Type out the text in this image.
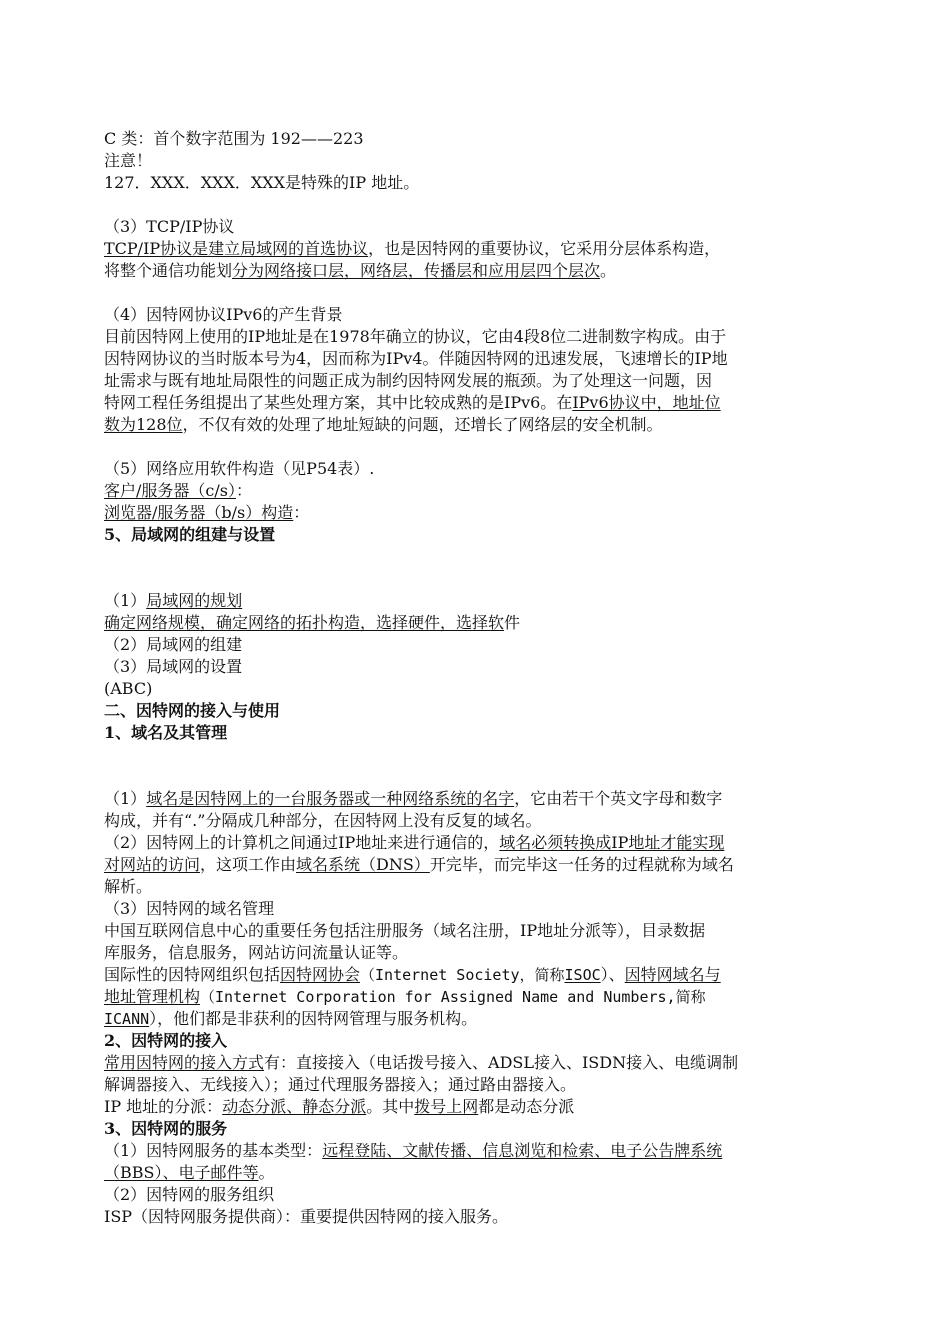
C 类：首个数字范围为 192——223
注意！
127．XXX．XXX．XXX是特殊的IP 地址。
（3）TCP/IP协议
TCP/IP协议是建立局域网的首选协议，也是因特网的重要协议，它采用分层体系构造，
将整个通信功能划分为网络接口层，网络层，传播层和应用层四个层次。
（4）因特网协议IPv6的产生背景
目前因特网上使用的IP地址是在1978年确立的协议，它由4段8位二进制数字构成。由于
因特网协议的当时版本号为4，因而称为IPv4。伴随因特网的迅速发展，飞速增长的IP地
址需求与既有地址局限性的问题正成为制约因特网发展的瓶颈。为了处理这一问题，因
特网工程任务组提出了某些处理方案，其中比较成熟的是IPv6。在IPv6协议中，地址位
数为128位，不仅有效的处理了地址短缺的问题，还增长了网络层的安全机制。
（5）网络应用软件构造（见P54表）.
客户/服务器（c/s）：
浏览器/服务器（b/s）构造：
5、局域网的组建与设置
（1）局域网的规划
确定网络规模，确定网络的拓扑构造，选择硬件，选择软件
（2）局域网的组建
（3）局域网的设置
(ABC)
二、因特网的接入与使用
1、域名及其管理
（1）域名是因特网上的一台服务器或一种网络系统的名字，它由若干个英文字母和数字
构成，并有“.”分隔成几种部分，在因特网上没有反复的域名。
（2）因特网上的计算机之间通过IP地址来进行通信的，域名必须转换成IP地址才能实现
对网站的访问，这项工作由域名系统（DNS）开完毕，而完毕这一任务的过程就称为域名
解析。
（3）因特网的域名管理
中国互联网信息中心的重要任务包括注册服务（域名注册，IP地址分派等），目录数据
库服务，信息服务，网站访问流量认证等。
国际性的因特网组织包括因特网协会（Internet Society，简称ISOC）、因特网域名与
地址管理机构（Internet Corporation for Assigned Name and Numbers,简称
ICANN），他们都是非获利的因特网管理与服务机构。
2、因特网的接入
常用因特网的接入方式有：直接接入（电话拨号接入、ADSL接入、ISDN接入、电缆调制
解调器接入、无线接入）；通过代理服务器接入；通过路由器接入。
IP 地址的分派：动态分派、静态分派。其中拨号上网都是动态分派
3、因特网的服务
（1）因特网服务的基本类型：远程登陆、文献传播、信息浏览和检索、电子公告牌系统
（BBS）、电子邮件等。
（2）因特网的服务组织
ISP（因特网服务提供商）：重要提供因特网的接入服务。
